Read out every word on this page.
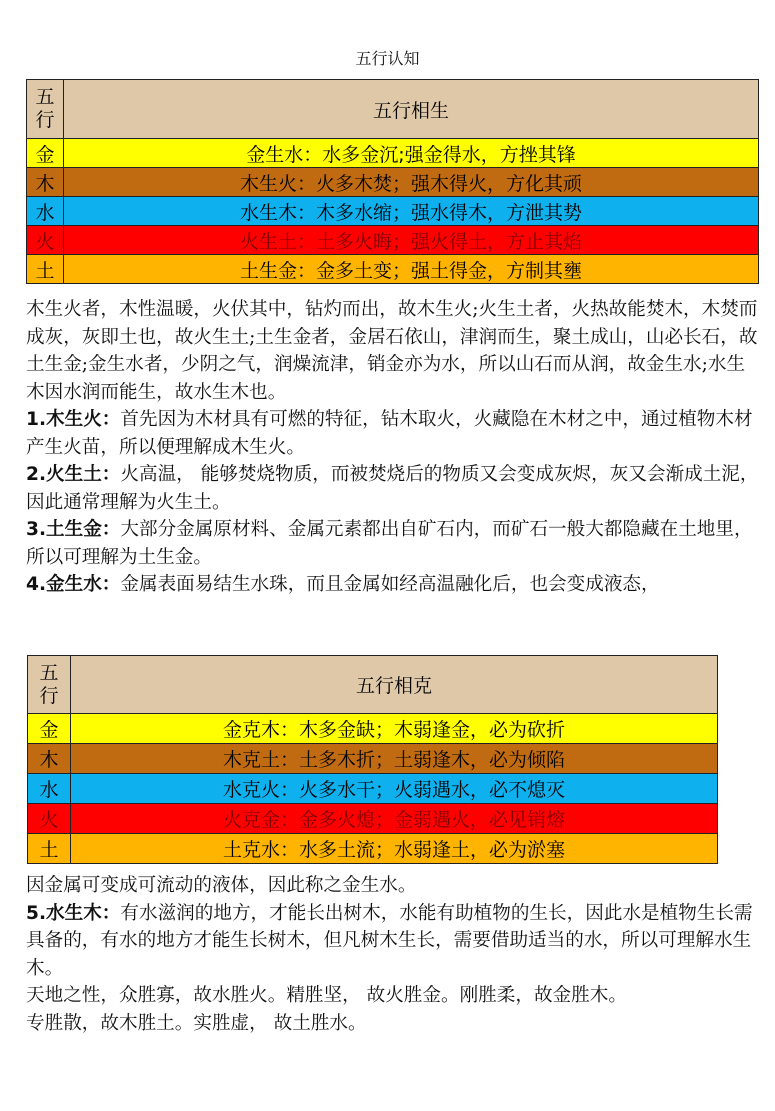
五行认知
五行	五行相生
金	金生水：水多金沉;强金得水，方挫其锋
木	木生火：火多木焚；强木得火，方化其顽
水	水生木：木多水缩；强水得木，方泄其势
火	火生土：土多火晦；强火得土，方止其焰
土	土生金：金多土变；强土得金，方制其壅

木生火者，木性温暖，火伏其中，钻灼而出，故木生火;火生土者，火热故能焚木，木焚而成灰，灰即土也，故火生土;土生金者，金居石依山，津润而生，聚土成山，山必长石，故土生金;金生水者，少阴之气，润燥流津，销金亦为水，所以山石而从润，故金生水;水生木因水润而能生，故水生木也。

1.木生火：首先因为木材具有可燃的特征，钻木取火，火藏隐在木材之中，通过植物木材产生火苗，所以便理解成木生火。

2.火生土：火高温， 能够焚烧物质，而被焚烧后的物质又会变成灰烬，灰又会渐成土泥，因此通常理解为火生土。

3.土生金：大部分金属原材料、金属元素都出自矿石内，而矿石一般大都隐藏在土地里，所以可理解为土生金。

4.金生水：金属表面易结生水珠，而且金属如经高温融化后，也会变成液态，

五行	五行相克
金	金克木：木多金缺；木弱逢金，必为砍折
木	木克土：土多木折；土弱逢木，必为倾陷
水	水克火：火多水干；火弱遇水，必不熄灭
火	火克金：金多火熄；金弱遇火，必见销熔
土	土克水：水多土流；水弱逢土，必为淤塞

因金属可变成可流动的液体，因此称之金生水。

5.水生木：有水滋润的地方，才能长出树木，水能有助植物的生长，因此水是植物生长需具备的，有水的地方才能生长树木，但凡树木生长，需要借助适当的水，所以可理解水生木。

天地之性，众胜寡，故水胜火。精胜坚， 故火胜金。刚胜柔，故金胜木。

专胜散，故木胜土。实胜虚， 故土胜水。
